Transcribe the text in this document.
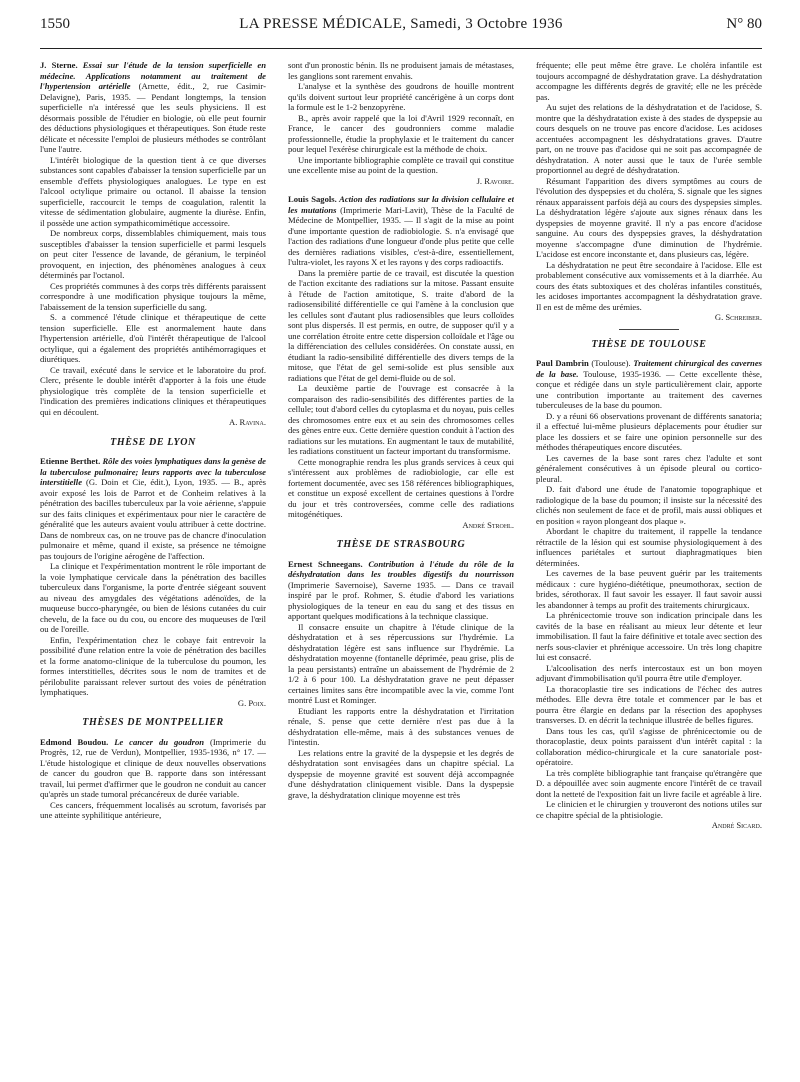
1550	LA PRESSE MÉDICALE, Samedi, 3 Octobre 1936	N° 80

J. Sterne. Essai sur l'étude de la tension superficielle en médecine. Applications notamment au traitement de l'hypertension artérielle (Arnette, édit., 2, rue Casimir-Delavigne), Paris, 1935. — Pendant longtemps, la tension superficielle n'a intéressé que les seuls physiciens. Il est désormais possible de l'étudier en biologie, où elle peut fournir des déductions physiologiques et thérapeutiques. Son étude reste délicate et nécessite l'emploi de plusieurs méthodes se contrôlant l'une l'autre.

L'intérêt biologique de la question tient à ce que diverses substances sont capables d'abaisser la tension superficielle par un ensemble d'effets physiologiques analogues. Le type en est l'alcool octylique primaire ou octanol. Il abaisse la tension superficielle, raccourcit le temps de coagulation, ralentit la vitesse de sédimentation globulaire, augmente la diurèse. Enfin, il possède une action sympathicomimétique accessoire.

De nombreux corps, dissemblables chimiquement, mais tous susceptibles d'abaisser la tension superficielle et parmi lesquels on peut citer l'essence de lavande, de géranium, le terpinéol provoquent, en injection, des phénomènes analogues à ceux déterminés par l'octanol.

Ces propriétés communes à des corps très différents paraissent correspondre à une modification physique toujours la même, l'abaissement de la tension superficielle du sang.

S. a commencé l'étude clinique et thérapeutique de cette tension superficielle. Elle est anormalement haute dans l'hypertension artérielle, d'où l'intérêt thérapeutique de l'alcool octylique, qui a également des propriétés antihémorragiques et diurétiques.

Ce travail, exécuté dans le service et le laboratoire du prof. Clerc, présente le double intérêt d'apporter à la fois une étude physiologique très complète de la tension superficielle et l'indication des premières indications cliniques et thérapeutiques qui en découlent.

A. Ravina.

THÈSE DE LYON

Etienne Berthet. Rôle des voies lymphatiques dans la genèse de la tuberculose pulmonaire; leurs rapports avec la tuberculose interstitielle (G. Doin et Cie, édit.), Lyon, 1935. — B., après avoir exposé les lois de Parrot et de Conheim relatives à la pénétration des bacilles tuberculeux par la voie aérienne, s'appuie sur des faits cliniques et expérimentaux pour nier le caractère de généralité que les auteurs avaient voulu attribuer à cette doctrine. Dans de nombreux cas, on ne trouve pas de chancre d'inoculation pulmonaire et même, quand il existe, sa présence ne témoigne pas toujours de l'origine aérogène de l'affection.

La clinique et l'expérimentation montrent le rôle important de la voie lymphatique cervicale dans la pénétration des bacilles tuberculeux dans l'organisme, la porte d'entrée siégeant souvent au niveau des amygdales des végétations adénoïdes, de la muqueuse bucco-pharyngée, ou bien de lésions cutanées du cuir chevelu, de la face ou du cou, ou encore des muqueuses de l'œil ou de l'oreille.

Enfin, l'expérimentation chez le cobaye fait entrevoir la possibilité d'une relation entre la voie de pénétration des bacilles et la forme anatomo-clinique de la tuberculose du poumon, les formes interstitielles, décrites sous le nom de tramites et de périlobulite paraissant relever surtout des voies de pénétration lymphatiques.

G. Poix.

THÈSES DE MONTPELLIER

Edmond Boudou. Le cancer du goudron (Imprimerie du Progrès, 12, rue de Verdun), Montpellier, 1935-1936, n° 17. — L'étude histologique et clinique de deux nouvelles observations de cancer du goudron que B. rapporte dans son intéressant travail, lui permet d'affirmer que le goudron ne conduit au cancer qu'après un stade tumoral précancéreux de durée variable.

Ces cancers, fréquemment localisés au scrotum, favorisés par une atteinte syphilitique antérieure,

sont d'un pronostic bénin. Ils ne produisent jamais de métastases, les ganglions sont rarement envahis.

L'analyse et la synthèse des goudrons de houille montrent qu'ils doivent surtout leur propriété cancérigène à un corps dont la formule est le 1-2 benzopyrène.

B., après avoir rappelé que la loi d'Avril 1929 reconnaît, en France, le cancer des goudronniers comme maladie professionnelle, étudie la prophylaxie et le traitement du cancer pour lequel l'exérèse chirurgicale est la méthode de choix.

Une importante bibliographie complète ce travail qui constitue une excellente mise au point de la question.

J. Ravoire.

Louis Sagols. Action des radiations sur la division cellulaire et les mutations (Imprimerie Mari-Lavit), Thèse de la Faculté de Médecine de Montpellier, 1935. — Il s'agit de la mise au point d'une importante question de radiobiologie. S. n'a envisagé que l'action des radiations d'une longueur d'onde plus petite que celle des dernières radiations visibles, c'est-à-dire, essentiellement, l'ultra-violet, les rayons X et les rayons γ des corps radioactifs.

Dans la première partie de ce travail, est discutée la question de l'action excitante des radiations sur la mitose. Passant ensuite à l'étude de l'action amitotique, S. traite d'abord de la radiosensibilité différentielle ce qui l'amène à la conclusion que les cellules sont d'autant plus radiosensibles que leurs colloïdes sont plus dispersés. Il est permis, en outre, de supposer qu'il y a une corrélation étroite entre cette dispersion colloïdale et l'âge ou la différenciation des cellules considérées. On constate aussi, en étudiant la radio-sensibilité différentielle des divers temps de la mitose, que l'état de gel semi-solide est plus sensible aux radiations que l'état de gel demi-fluide ou de sol.

La deuxième partie de l'ouvrage est consacrée à la comparaison des radio-sensibilités des différentes parties de la cellule; tout d'abord celles du cytoplasma et du noyau, puis celles des chromosomes entre eux et au sein des chromosomes celles des gènes entre eux. Cette dernière question conduit à l'action des radiations sur les mutations. En augmentant le taux de mutabilité, les radiations constituent un facteur important du transformisme.

Cette monographie rendra les plus grands services à ceux qui s'intéressent aux problèmes de radiobiologie, car elle est fortement documentée, avec ses 158 références bibliographiques, et constitue un exposé excellent de certaines questions à l'ordre du jour et très controversées, comme celle des radiations mitogénétiques.

André Strohl.

THÈSE DE STRASBOURG

Ernest Schneegans. Contribution à l'étude du rôle de la déshydratation dans les troubles digestifs du nourrisson (Imprimerie Savernoise), Saverne 1935. — Dans ce travail inspiré par le prof. Rohmer, S. étudie d'abord les variations physiologiques de la teneur en eau du sang et des tissus en apportant quelques modifications à la technique classique.

Il consacre ensuite un chapitre à l'étude clinique de la déshydratation et à ses répercussions sur l'hydrémie. La déshydratation légère est sans influence sur l'hydrémie. La déshydratation moyenne (fontanelle déprimée, peau grise, plis de la peau persistants) entraîne un abaissement de l'hydrémie de 2 1/2 à 6 pour 100. La déshydratation grave ne peut dépasser certaines limites sans être incompatible avec la vie, comme l'ont montré Lust et Rominger.

Etudiant les rapports entre la déshydratation et l'irritation rénale, S. pense que cette dernière n'est pas due à la déshydratation elle-même, mais à des substances venues de l'intestin.

Les relations entre la gravité de la dyspepsie et les degrés de déshydratation sont envisagées dans un chapitre spécial. La dyspepsie de moyenne gravité est souvent déjà accompagnée d'une déshydratation cliniquement visible. Dans la dyspepsie grave, la déshydratation clinique moyenne est très

fréquente; elle peut même être grave. Le choléra infantile est toujours accompagné de déshydratation grave. La déshydratation accompagne les différents degrés de gravité; elle ne les précède pas.

Au sujet des relations de la déshydratation et de l'acidose, S. montre que la déshydratation existe à des stades de dyspepsie au cours desquels on ne trouve pas encore d'acidose. Les acidoses accentuées accompagnent les déshydratations graves. D'autre part, on ne trouve pas d'acidose qui ne soit pas accompagnée de déshydratation. A noter aussi que le taux de l'urée semble proportionnel au degré de déshydratation.

Résumant l'apparition des divers symptômes au cours de l'évolution des dyspepsies et du choléra, S. signale que les signes rénaux apparaissent parfois déjà au cours des dyspepsies simples. La déshydratation légère s'ajoute aux signes rénaux dans les dyspepsies de moyenne gravité. Il n'y a pas encore d'acidose sanguine. Au cours des dyspepsies graves, la déshydratation moyenne s'accompagne d'une diminution de l'hydrémie. L'acidose est encore inconstante et, dans plusieurs cas, légère.

La déshydratation ne peut être secondaire à l'acidose. Elle est probablement consécutive aux vomissements et à la diarrhée. Au cours des états subtoxiques et des choléras infantiles constitués, les acidoses importantes accompagnent la déshydratation grave. Il en est de même des urémies.

G. Schreiber.

THÈSE DE TOULOUSE

Paul Dambrin (Toulouse). Traitement chirurgical des cavernes de la base. Toulouse, 1935-1936. — Cette excellente thèse, conçue et rédigée dans un style particulièrement clair, apporte une contribution importante au traitement des cavernes tuberculeuses de la base du poumon.

D. y a réuni 66 observations provenant de différents sanatoria; il a effectué lui-même plusieurs déplacements pour étudier sur place les dossiers et se faire une opinion personnelle sur des méthodes thérapeutiques encore discutées.

Les cavernes de la base sont rares chez l'adulte et sont généralement consécutives à un épisode pleural ou cortico-pleural.

D. fait d'abord une étude de l'anatomie topographique et radiologique de la base du poumon; il insiste sur la nécessité des clichés non seulement de face et de profil, mais aussi obliques et en position « rayon plongeant dos plaque ».

Abordant le chapitre du traitement, il rappelle la tendance rétractile de la lésion qui est soumise physiologiquement à des influences pariétales et surtout diaphragmatiques bien déterminées.

Les cavernes de la base peuvent guérir par les traitements médicaux : cure hygiéno-diététique, pneumothorax, section de brides, sérothorax. Il faut savoir les essayer. Il faut savoir aussi les abandonner à temps au profit des traitements chirurgicaux.

La phrénicectomie trouve son indication principale dans les cavités de la base en réalisant au mieux leur détente et leur immobilisation. Il faut la faire définitive et totale avec section des nerfs sous-clavier et phrénique accessoire. Un très long chapitre lui est consacré.

L'alcoolisation des nerfs intercostaux est un bon moyen adjuvant d'immobilisation qu'il pourra être utile d'employer.

La thoracoplastie tire ses indications de l'échec des autres méthodes. Elle devra être totale et commencer par le bas et pourra être élargie en dedans par la résection des apophyses transverses. D. en décrit la technique illustrée de belles figures.

Dans tous les cas, qu'il s'agisse de phrénicectomie ou de thoracoplastie, deux points paraissent d'un intérêt capital : la collaboration médico-chirurgicale et la cure sanatoriale post-opératoire.

La très complète bibliographie tant française qu'étrangère que D. a dépouillée avec soin augmente encore l'intérêt de ce travail dont la netteté de l'exposition fait un livre facile et agréable à lire.

Le clinicien et le chirurgien y trouveront des notions utiles sur ce chapitre spécial de la phtisiologie.

André Sicard.
